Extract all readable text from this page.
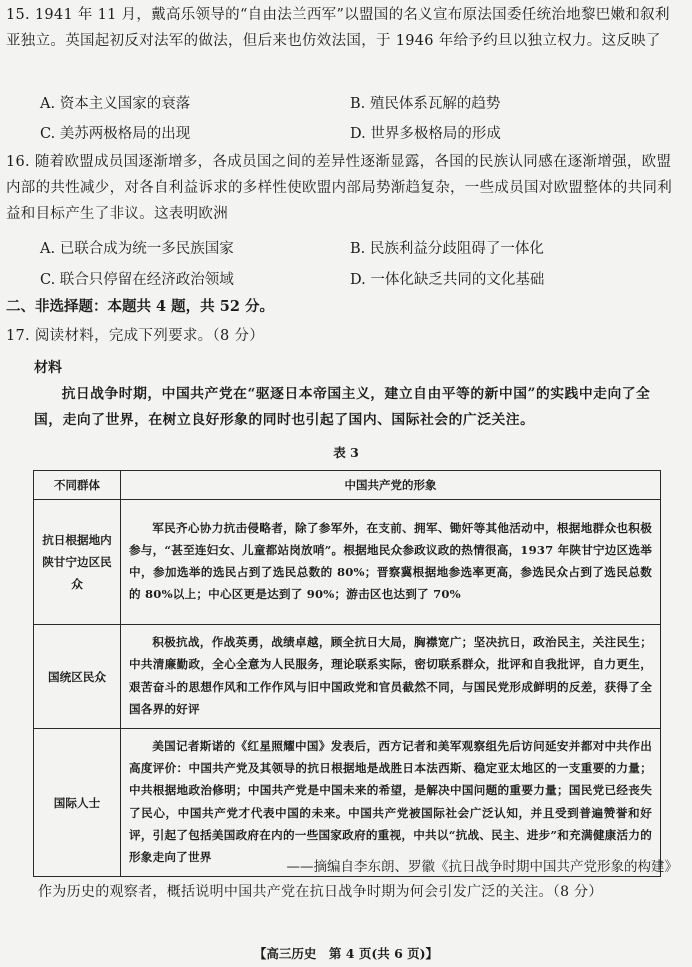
15. 1941 年 11 月，戴高乐领导的“自由法兰西军”以盟国的名义宣布原法国委任统治地黎巴嫩和叙利亚独立。英国起初反对法军的做法，但后来也仿效法国，于 1946 年给予约旦以独立权力。这反映了
A. 资本主义国家的衰落	B. 殖民体系瓦解的趋势
C. 美苏两极格局的出现	D. 世界多极格局的形成
16. 随着欧盟成员国逐渐增多，各成员国之间的差异性逐渐显露，各国的民族认同感在逐渐增强，欧盟内部的共性减少，对各自利益诉求的多样性使欧盟内部局势渐趋复杂，一些成员国对欧盟整体的共同利益和目标产生了非议。这表明欧洲
A. 已联合成为统一多民族国家	B. 民族利益分歧阻碍了一体化
C. 联合只停留在经济政治领域	D. 一体化缺乏共同的文化基础
二、非选择题：本题共 4 题，共 52 分。
17. 阅读材料，完成下列要求。（8 分）
材料
抗日战争时期，中国共产党在“驱逐日本帝国主义，建立自由平等的新中国”的实践中走向了全国，走向了世界，在树立良好形象的同时也引起了国内、国际社会的广泛关注。
表 3
不同群体	中国共产党的形象
抗日根据地内陕甘宁边区民众	军民齐心协力抗击侵略者，除了参军外，在支前、拥军、锄奸等其他活动中，根据地群众也积极参与，“甚至连妇女、儿童都站岗放哨”。根据地民众参政议政的热情很高，1937 年陕甘宁边区选举中，参加选举的选民占到了选民总数的 80%；晋察冀根据地参选率更高，参选民众占到了选民总数的 80%以上；中心区更是达到了 90%；游击区也达到了 70%
国统区民众	积极抗战，作战英勇，战绩卓越，顾全抗日大局，胸襟宽广；坚决抗日，政治民主，关注民生；中共清廉勤政，全心全意为人民服务，理论联系实际，密切联系群众，批评和自我批评，自力更生，艰苦奋斗的思想作风和工作作风与旧中国政党和官员截然不同，与国民党形成鲜明的反差，获得了全国各界的好评
国际人士	美国记者斯诺的《红星照耀中国》发表后，西方记者和美军观察组先后访问延安并都对中共作出高度评价：中国共产党及其领导的抗日根据地是战胜日本法西斯、稳定亚太地区的一支重要的力量；中共根据地政治修明；中国共产党是中国未来的希望，是解决中国问题的重要力量；国民党已经丧失了民心，中国共产党才代表中国的未来。中国共产党被国际社会广泛认知，并且受到普遍赞誉和好评，引起了包括美国政府在内的一些国家政府的重视，中共以“抗战、民主、进步”和充满健康活力的形象走向了世界
——摘编自李东朗、罗徽《抗日战争时期中国共产党形象的构建》
作为历史的观察者，概括说明中国共产党在抗日战争时期为何会引发广泛的关注。（8 分）
【高三历史　第 4 页(共 6 页)】
